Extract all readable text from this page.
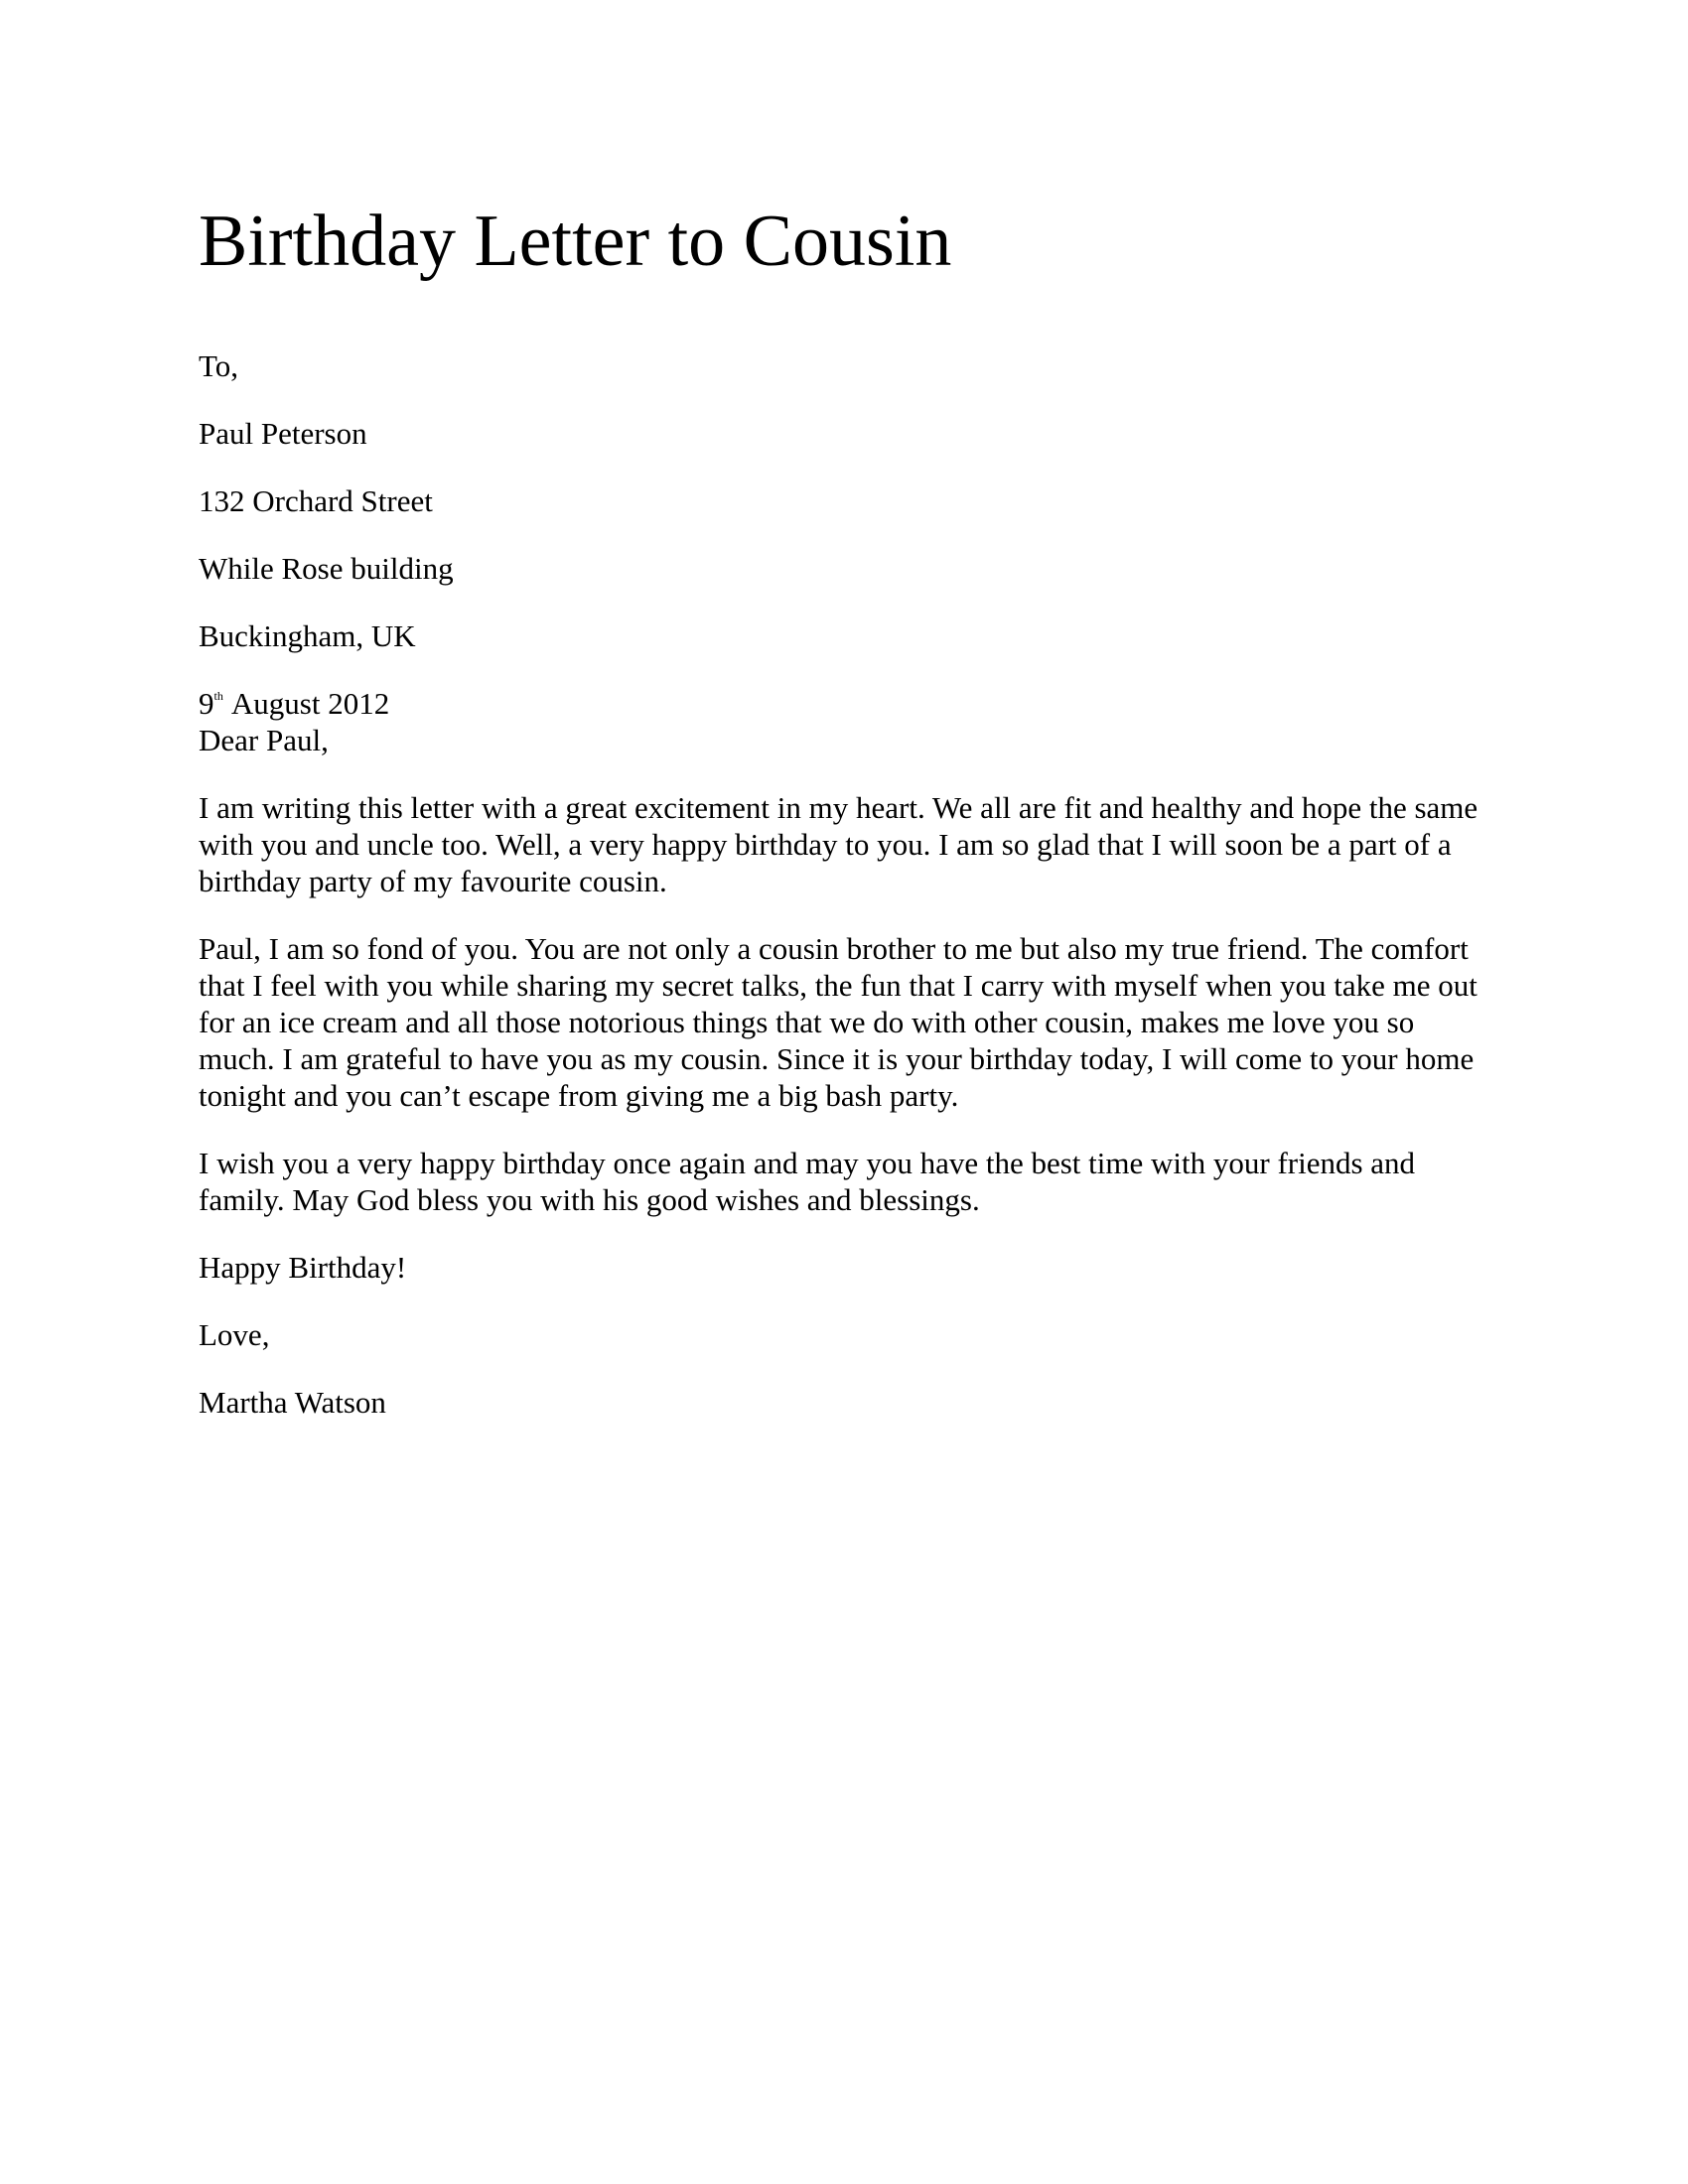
Birthday Letter to Cousin

To,

Paul Peterson

132 Orchard Street

While Rose building

Buckingham, UK

9th August 2012

Dear Paul,

I am writing this letter with a great excitement in my heart. We all are fit and healthy and hope the same with you and uncle too. Well, a very happy birthday to you. I am so glad that I will soon be a part of a birthday party of my favourite cousin.

Paul, I am so fond of you. You are not only a cousin brother to me but also my true friend. The comfort that I feel with you while sharing my secret talks, the fun that I carry with myself when you take me out for an ice cream and all those notorious things that we do with other cousin, makes me love you so much. I am grateful to have you as my cousin. Since it is your birthday today, I will come to your home tonight and you can’t escape from giving me a big bash party.

I wish you a very happy birthday once again and may you have the best time with your friends and family. May God bless you with his good wishes and blessings.

Happy Birthday!

Love,

Martha Watson
